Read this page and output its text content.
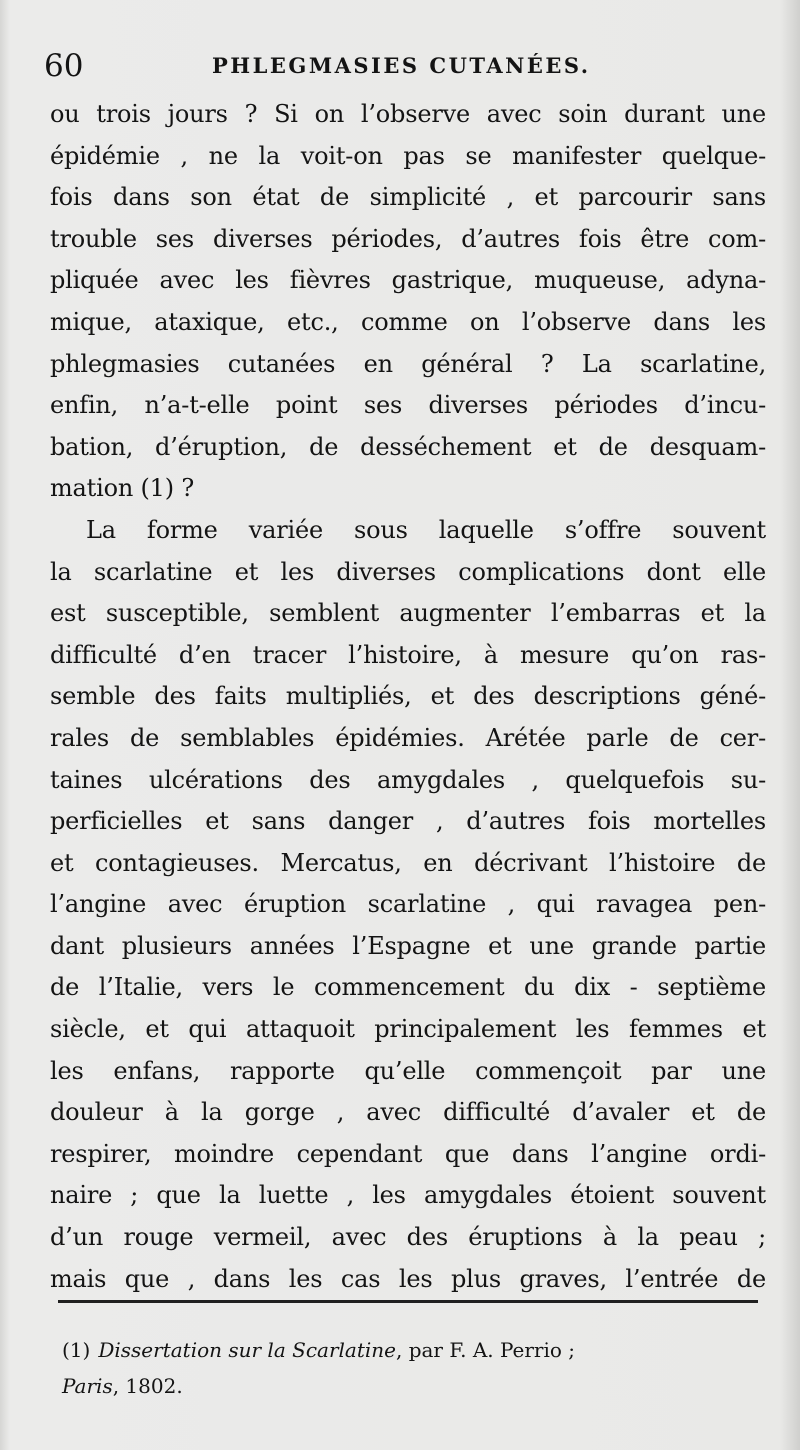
60	PHLEGMASIES CUTANÉES.
ou trois jours ? Si on l’observe avec soin durant une
épidémie , ne la voit-on pas se manifester quelque-
fois dans son état de simplicité , et parcourir sans
trouble ses diverses périodes, d’autres fois être com-
pliquée avec les fièvres gastrique, muqueuse, adyna-
mique, ataxique, etc., comme on l’observe dans les
phlegmasies cutanées en général ? La scarlatine,
enfin, n’a-t-elle point ses diverses périodes d’incu-
bation, d’éruption, de desséchement et de desquam-
mation (1) ?
La forme variée sous laquelle s’offre souvent
la scarlatine et les diverses complications dont elle
est susceptible, semblent augmenter l’embarras et la
difficulté d’en tracer l’histoire, à mesure qu’on ras-
semble des faits multipliés, et des descriptions géné-
rales de semblables épidémies. Arétée parle de cer-
taines ulcérations des amygdales , quelquefois su-
perficielles et sans danger , d’autres fois mortelles
et contagieuses. Mercatus, en décrivant l’histoire de
l’angine avec éruption scarlatine , qui ravagea pen-
dant plusieurs années l’Espagne et une grande partie
de l’Italie, vers le commencement du dix - septième
siècle, et qui attaquoit principalement les femmes et
les enfans, rapporte qu’elle commençoit par une
douleur à la gorge , avec difficulté d’avaler et de
respirer, moindre cependant que dans l’angine ordi-
naire ; que la luette , les amygdales étoient souvent
d’un rouge vermeil, avec des éruptions à la peau ;
mais que , dans les cas les plus graves, l’entrée de
(1) Dissertation sur la Scarlatine, par F. A. Perrio ;
Paris, 1802.
